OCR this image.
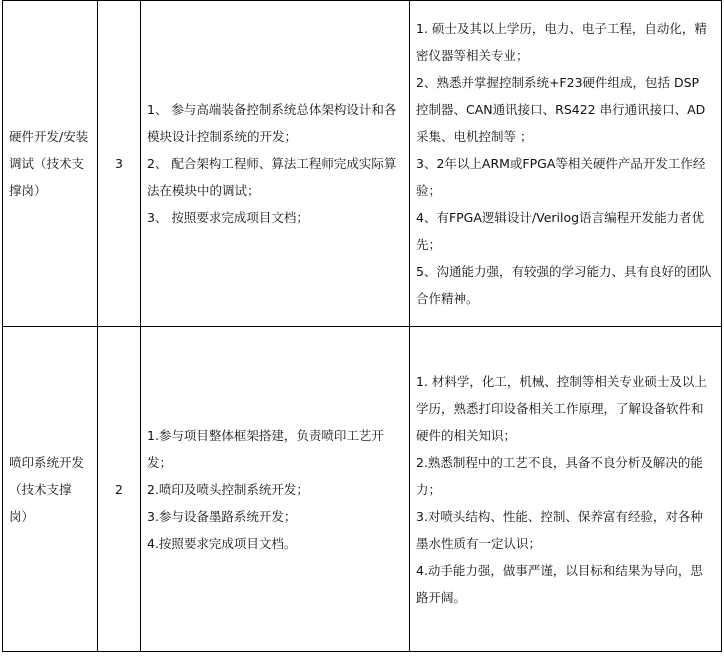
硬件开发/安装调试（技术支撑岗）	3	1、 参与高端装备控制系统总体架构设计和各模块设计控制系统的开发；
2、 配合架构工程师、算法工程师完成实际算法在模块中的调试；
3、 按照要求完成项目文档；	1. 硕士及其以上学历，电力、电子工程，自动化，精密仪器等相关专业；
2、熟悉并掌握控制系统+F23硬件组成，包括 DSP 控制器、CAN通讯接口、RS422 串行通讯接口、AD 采集、电机控制等 ；
3、2年以上ARM或FPGA等相关硬件产品开发工作经验；
4、有FPGA逻辑设计/Verilog语言编程开发能力者优先；
5、沟通能力强，有较强的学习能力、具有良好的团队合作精神。

喷印系统开发
（技术支撑
岗）	2	1.参与项目整体框架搭建，负责喷印工艺开发；
2.喷印及喷头控制系统开发；
3.参与设备墨路系统开发；
4.按照要求完成项目文档。	1. 材料学，化工，机械、控制等相关专业硕士及以上学历，熟悉打印设备相关工作原理，了解设备软件和硬件的相关知识；
2.熟悉制程中的工艺不良，具备不良分析及解决的能力；
3.对喷头结构、性能、控制、保养富有经验，对各种墨水性质有一定认识；
4.动手能力强，做事严谨，以目标和结果为导向，思路开阔。
